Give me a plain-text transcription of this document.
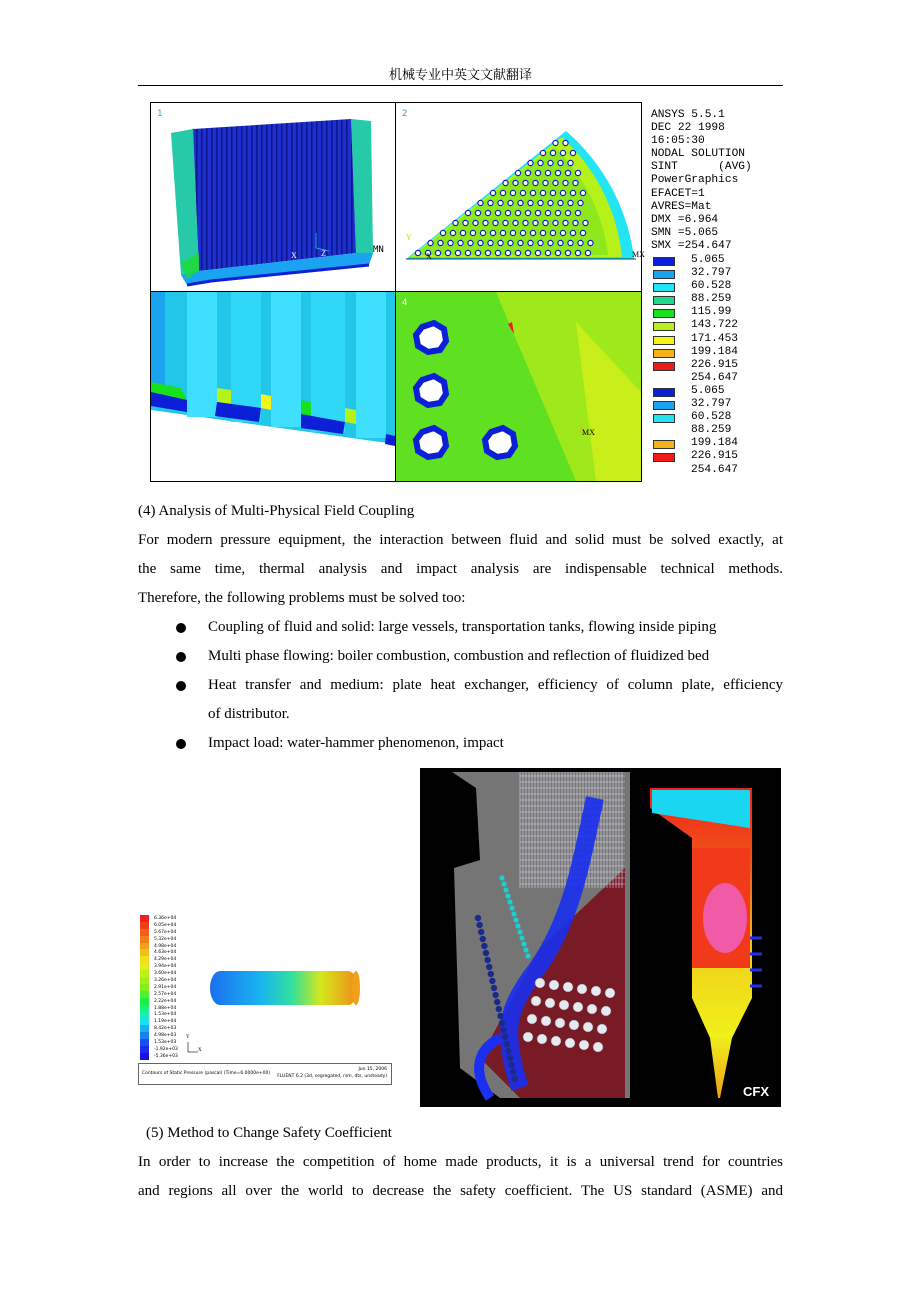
机械专业中英文文献翻译
1
X	Z	MN
2
Y
X	MX
4
MX
ANSYS 5.5.1
DEC 22 1998
16:05:30
NODAL SOLUTION
SINT      (AVG)
PowerGraphics
EFACET=1
AVRES=Mat
DMX =6.964
SMN =5.065
SMX =254.647
5.065
32.797
60.528
88.259
115.99
143.722
171.453
199.184
226.915
254.647
5.065
32.797
60.528
88.259
199.184
226.915
254.647
(4) Analysis of Multi-Physical Field Coupling
For modern pressure equipment, the interaction between fluid and solid must be solved exactly, at
the same time, thermal analysis and impact analysis are indispensable technical methods.
Therefore, the following problems must be solved too:
Coupling of fluid and solid: large vessels, transportation tanks, flowing inside piping
Multi phase flowing: boiler combustion, combustion and reflection of fluidized bed
Heat transfer and medium: plate heat exchanger, efficiency of column plate, efficiency
of distributor.
Impact load: water-hammer phenomenon, impact
6.36e+04
6.05e+04
5.67e+04
5.32e+04
4.98e+04
4.63e+04
4.29e+04
3.94e+04
3.60e+04
3.26e+04
2.91e+04
2.57e+04
2.22e+04
1.88e+04
1.53e+04
1.19e+04
8.42e+03
4.98e+03
1.53e+03
-1.92e+03
-5.36e+03
Y
X
Contours of Static Pressure (pascal) (Time=6.0000e+00)
Jun 15, 2006
FLUENT 6.2 (3d, segregated, rsm, dts, unsteady)
CFX
(5) Method to Change Safety Coefficient
In order to increase the competition of home made products, it is a universal trend for countries
and regions all over the world to decrease the safety coefficient. The US standard (ASME) and
